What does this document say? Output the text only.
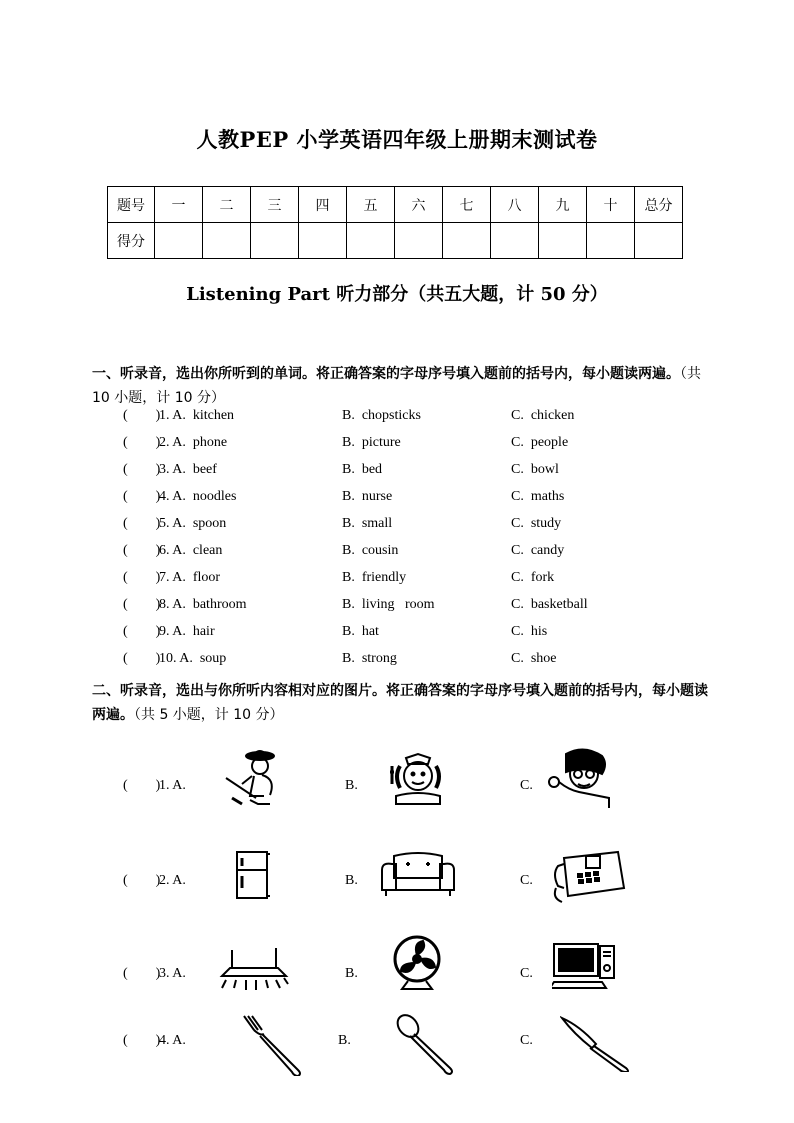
人教PEP 小学英语四年级上册期末测试卷
题号	一	二	三	四	五	六	七	八	九	十	总分
得分											
Listening Part 听力部分（共五大题，计 50 分）
一、听录音，选出你所听到的单词。将正确答案的字母序号填入题前的括号内，每小题读两遍。（共 10 小题，计 10 分）
(        )
1. A.  kitchen	B.  chopsticks	C.  chicken
(        )
2. A.  phone	B.  picture	C.  people
(        )
3. A.  beef	B.  bed	C.  bowl
(        )
4. A.  noodles	B.  nurse	C.  maths
(        )
5. A.  spoon	B.  small	C.  study
(        )
6. A.  clean	B.  cousin	C.  candy
(        )
7. A.  floor	B.  friendly	C.  fork
(        )
8. A.  bathroom	B.  living   room	C.  basketball
(        )
9. A.  hair	B.  hat	C.  his
(        )
10. A.  soup	B.  strong	C.  shoe
二、听录音，选出与你所听内容相对应的图片。将正确答案的字母序号填入题前的括号内，每小题读两遍。（共 5 小题，计 10 分）
(        )
1. A.	B.	C.
(        )
2. A.	B.	C.
(        )
3. A.	B.	C.
(        )
4. A.	B.	C.
